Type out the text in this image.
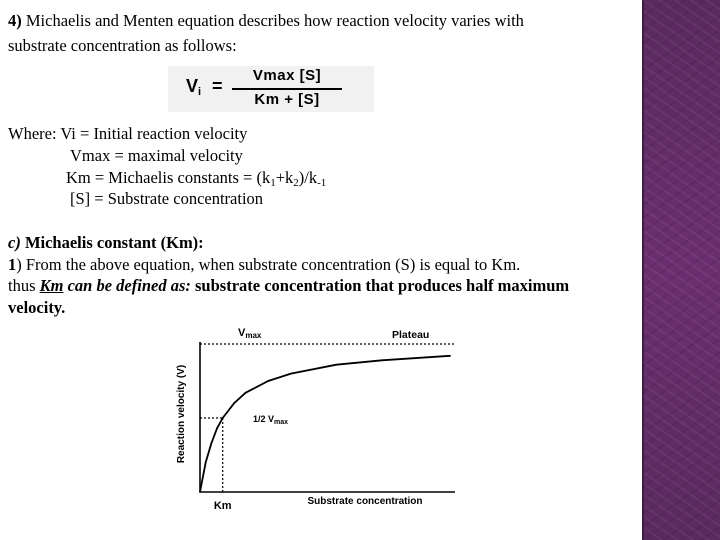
4) Michaelis and Menten equation describes how reaction velocity varies with
substrate concentration as follows:
$V_i$ =
Vmax [S]
Km + [S]
Where: Vi = Initial reaction velocity
Vmax = maximal velocity
Km = Michaelis constants = $(k_1+k_2)/k_{-1}$
[S] = Substrate concentration
c) Michaelis constant (Km):
1) From the above equation, when substrate concentration (S) is equal to Km.
thus Km can be defined as: substrate concentration that produces half maximum
velocity.
Vmax	Plateau
1/2 $V_{max}$
Km	Substrate concentration
Reaction velocity (V)
